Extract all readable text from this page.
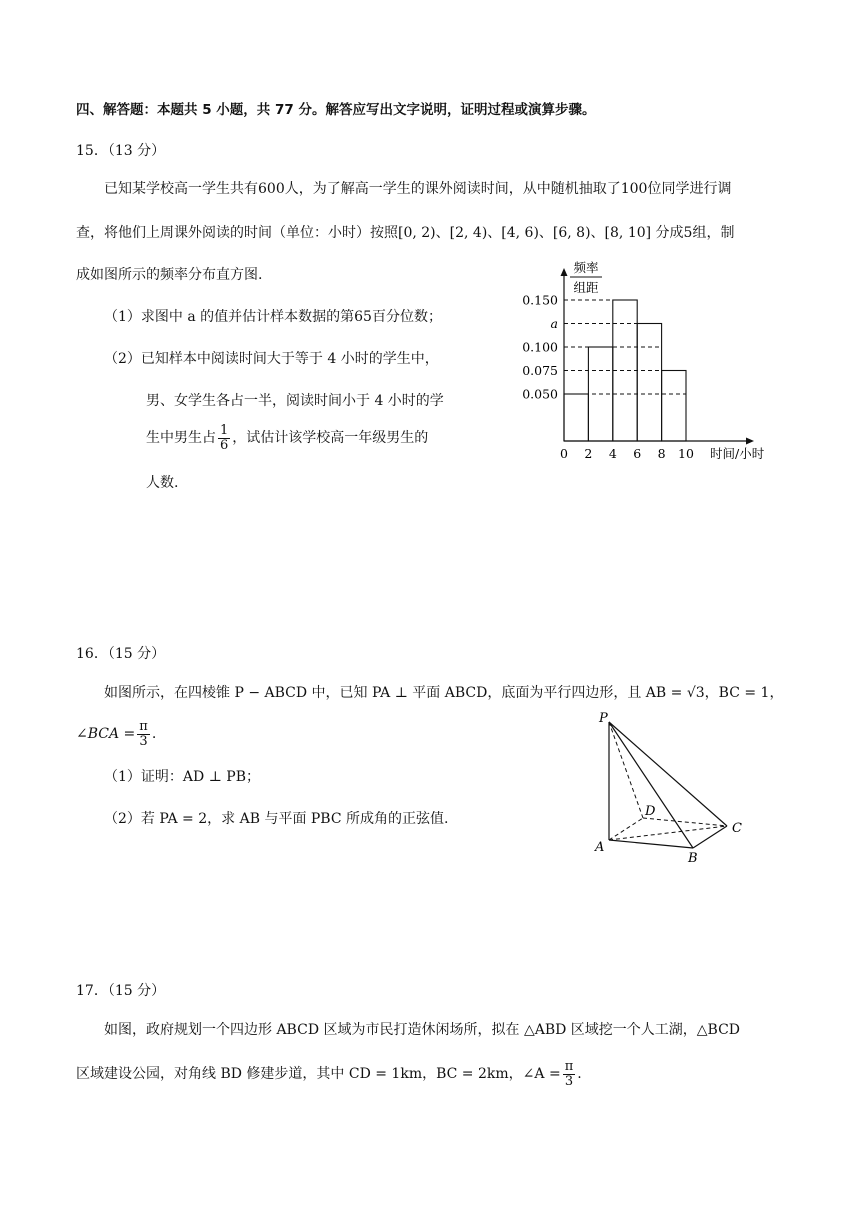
四、解答题：本题共 5 小题，共 77 分。解答应写出文字说明，证明过程或演算步骤。
15．（13 分）
已知某学校高一学生共有600人，为了解高一学生的课外阅读时间，从中随机抽取了100位同学进行调
查，将他们上周课外阅读的时间（单位：小时）按照[0, 2)、[2, 4)、[4, 6)、[6, 8)、[8, 10] 分成5组，制
成如图所示的频率分布直方图.
（1）求图中 a 的值并估计样本数据的第65百分位数；
（2）已知样本中阅读时间大于等于 4 小时的学生中，
男、女学生各占一半，阅读时间小于 4 小时的学
生中男生占 $\frac{1}{6}$ ，试估计该学校高一年级男生的
人数.
频率
组距
0.150
a
0.100
0.075
0.050
0 2 4 6 8 10 时间/小时
16．（15 分）
如图所示，在四棱锥 P − ABCD 中，已知 PA ⊥ 平面 ABCD，底面为平行四边形，且 AB = √3，BC = 1，
∠BCA = $\frac{\pi}{3}$ .
（1）证明：AD ⊥ PB；
（2）若 PA = 2，求 AB 与平面 PBC 所成角的正弦值.
P
D
C
A
B
17．（15 分）
如图，政府规划一个四边形 ABCD 区域为市民打造休闲场所，拟在 △ABD 区域挖一个人工湖，△BCD
区域建设公园，对角线 BD 修建步道，其中 CD = 1km，BC = 2km，∠A = $\frac{\pi}{3}$ .
